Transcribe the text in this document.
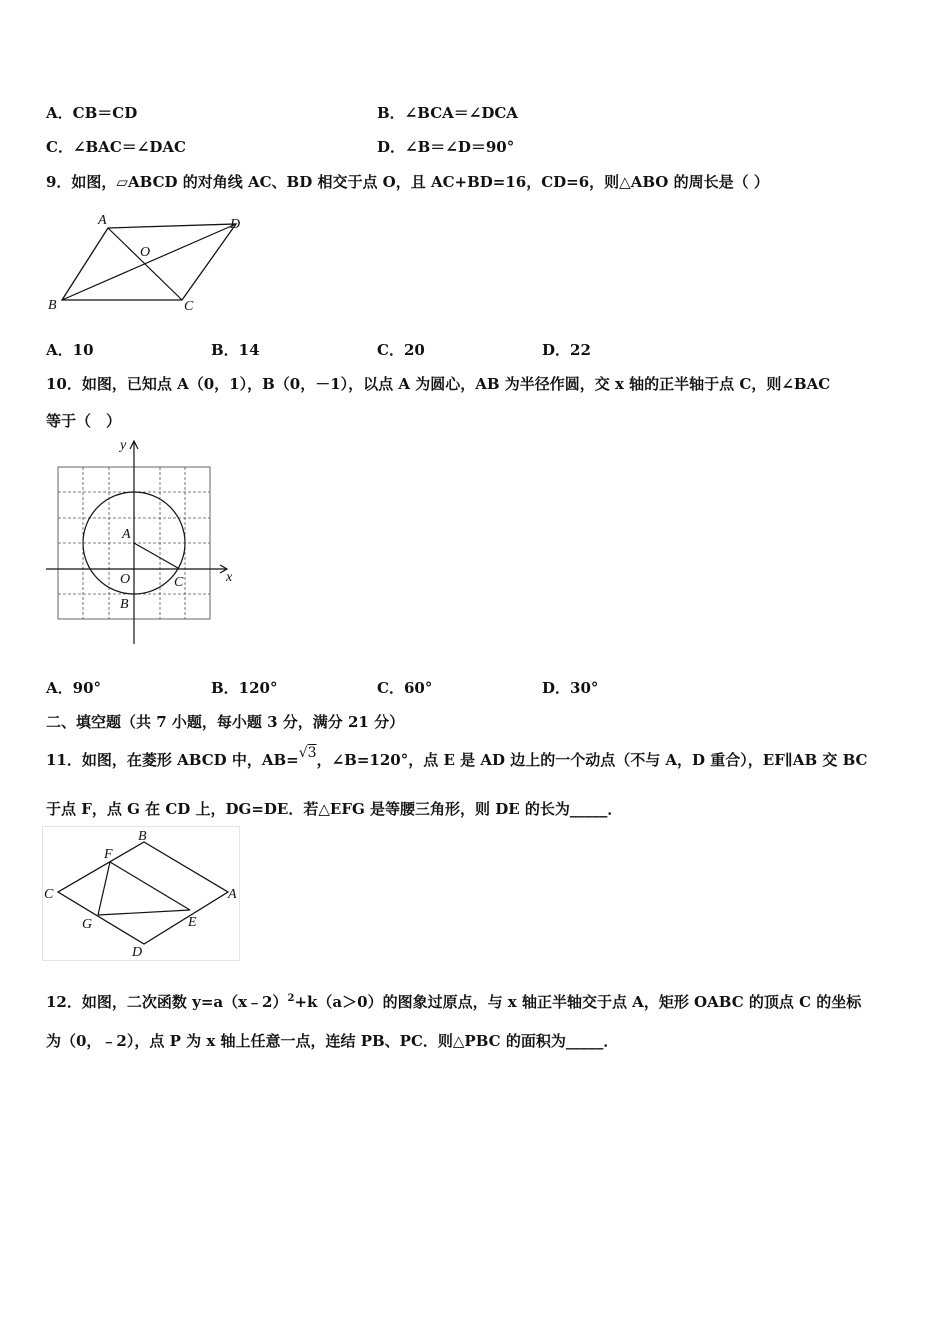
A．CB＝CD	B．∠BCA＝∠DCA
C．∠BAC＝∠DAC	D．∠B＝∠D＝90°
9．如图，▱ABCD 的对角线 AC、BD 相交于点 O，且 AC+BD=16，CD=6，则△ABO 的周长是（ ）
A	D
B	C
O
A．10	B．14	C．20	D．22
10．如图，已知点 A（0，1），B（0，－1），以点 A 为圆心，AB 为半径作圆，交 x 轴的正半轴于点 C，则∠BAC
等于（　）
y
x
A
O
B
C
A．90°	B．120°	C．60°	D．30°
二、填空题（共 7 小题，每小题 3 分，满分 21 分）
11．如图，在菱形 ABCD 中，AB=√3，∠B=120°，点 E 是 AD 边上的一个动点（不与 A，D 重合），EF∥AB 交 BC
于点 F，点 G 在 CD 上，DG=DE．若△EFG 是等腰三角形，则 DE 的长为_____．
B
F
C	A
G	E
D
12．如图，二次函数 y=a（x﹣2）$^2$+k（a＞0）的图象过原点，与 x 轴正半轴交于点 A，矩形 OABC 的顶点 C 的坐标
为（0，﹣2），点 P 为 x 轴上任意一点，连结 PB、PC．则△PBC 的面积为_____．
